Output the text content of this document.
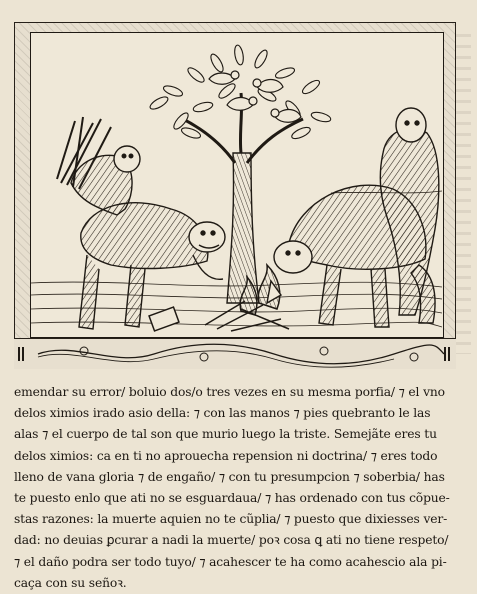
emendar su error/ boluio dos/o tres vezes en su mesma porfia/ ⁊ el vno
delos ximios irado asio della: ⁊ con las manos ⁊ pies quebranto le las
alas ⁊ el cuerpo de tal son que murio luego la triste. Semejãte eres tu
delos ximios: ca en ti no aprouecha repension ni doctrina/ ⁊ eres todo
lleno de vana gloria ⁊ de engaño/ ⁊ con tu presumpcion ⁊ soberbia/ has
te puesto enlo que ati no se esguardaua/ ⁊ has ordenado con tus cõpue-
stas razones: la muerte aquien no te cũplia/ ⁊ puesto que dixiesses ver-
dad: no deuias ꝑcurar a nadi la muerte/ poꝛ cosa ꝗ ati no tiene respeto/
⁊ el daño podra ser todo tuyo/ ⁊ acahescer te ha como acahescio ala pi-
caça con su señoꝛ.
